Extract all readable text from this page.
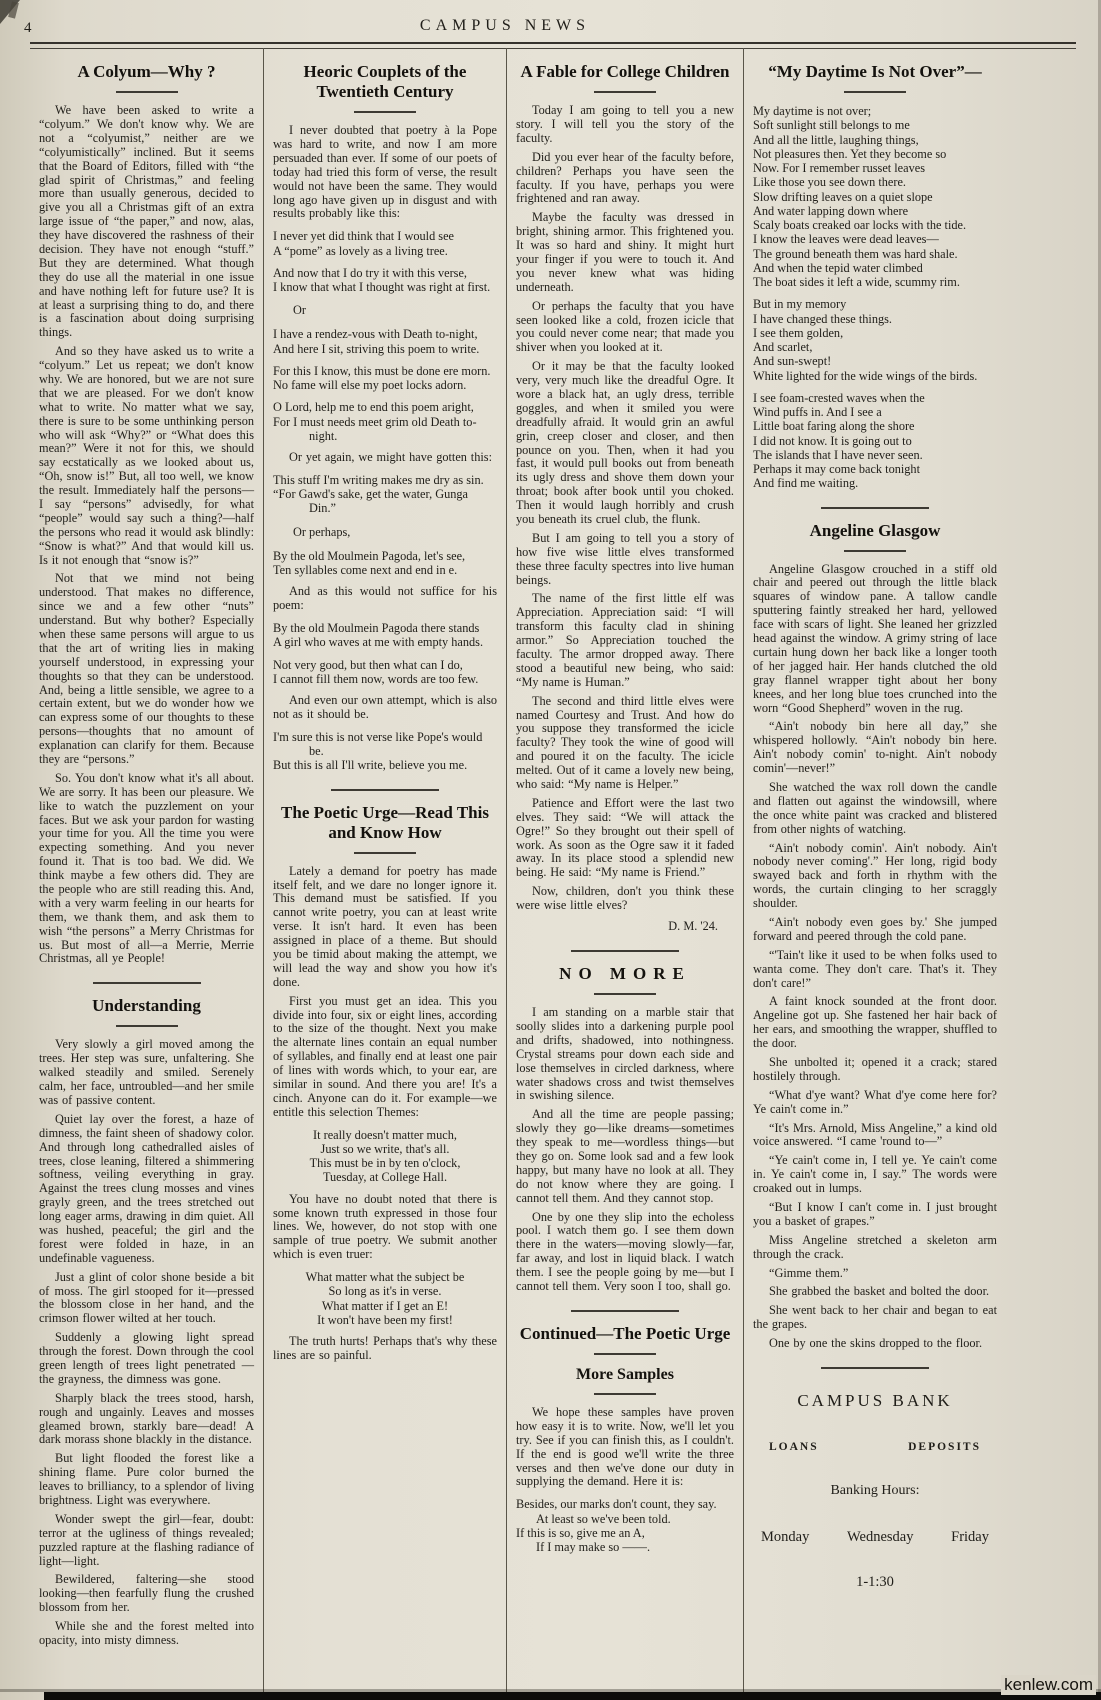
4	CAMPUS NEWS
A Colyum—Why ?

We have been asked to write a “colyum.” We don't know why. We are not a “colyumist,” neither are we “colyumistically” inclined. But it seems that the Board of Editors, filled with “the glad spirit of Christmas,” and feeling more than usually generous, decided to give you all a Christmas gift of an extra large issue of “the paper,” and now, alas, they have discovered the rashness of their decision. They have not enough “stuff.” But they are determined. What though they do use all the material in one issue and have nothing left for future use? It is at least a surprising thing to do, and there is a fascination about doing surprising things.

And so they have asked us to write a “colyum.” Let us repeat; we don't know why. We are honored, but we are not sure that we are pleased. For we don't know what to write. No matter what we say, there is sure to be some unthinking person who will ask “Why?” or “What does this mean?” Were it not for this, we should say ecstatically as we looked about us, “Oh, snow is!” But, all too well, we know the result. Immediately half the persons—I say “persons” advisedly, for what “people” would say such a thing?—half the persons who read it would ask blindly: “Snow is what?” And that would kill us. Is it not enough that “snow is?”

Not that we mind not being understood. That makes no difference, since we and a few other “nuts” understand. But why bother? Especially when these same persons will argue to us that the art of writing lies in making yourself understood, in expressing your thoughts so that they can be understood. And, being a little sensible, we agree to a certain extent, but we do wonder how we can express some of our thoughts to these persons—thoughts that no amount of explanation can clarify for them. Because they are “persons.”

So. You don't know what it's all about. We are sorry. It has been our pleasure. We like to watch the puzzlement on your faces. But we ask your pardon for wasting your time for you. All the time you were expecting something. And you never found it. That is too bad. We did. We think maybe a few others did. They are the people who are still reading this. And, with a very warm feeling in our hearts for them, we thank them, and ask them to wish “the persons” a Merry Christmas for us. But most of all—a Merrie, Merrie Christmas, all ye People!

Understanding

Very slowly a girl moved among the trees. Her step was sure, unfaltering. She walked steadily and smiled. Serenely calm, her face, untroubled—and her smile was of passive content.

Quiet lay over the forest, a haze of dimness, the faint sheen of shadowy color. And through long cathedralled aisles of trees, close leaning, filtered a shimmering softness, veiling everything in gray. Against the trees clung mosses and vines grayly green, and the trees stretched out long eager arms, drawing in dim quiet. All was hushed, peaceful; the girl and the forest were folded in haze, in an undefinable vagueness.

Just a glint of color shone beside a bit of moss. The girl stooped for it—pressed the blossom close in her hand, and the crimson flower wilted at her touch.

Suddenly a glowing light spread through the forest. Down through the cool green length of trees light penetrated —the grayness, the dimness was gone.

Sharply black the trees stood, harsh, rough and ungainly. Leaves and mosses gleamed brown, starkly bare—dead! A dark morass shone blackly in the distance.

But light flooded the forest like a shining flame. Pure color burned the leaves to brilliancy, to a splendor of living brightness. Light was everywhere.

Wonder swept the girl—fear, doubt: terror at the ugliness of things revealed; puzzled rapture at the flashing radiance of light—light.

Bewildered, faltering—she stood looking—then fearfully flung the crushed blossom from her.

While she and the forest melted into opacity, into misty dimness.

Heoric Couplets of the Twentieth Century

I never doubted that poetry à la Pope was hard to write, and now I am more persuaded than ever. If some of our poets of today had tried this form of verse, the result would not have been the same. They would long ago have given up in disgust and with results probably like this:

I never yet did think that I would see
A “pome” as lovely as a living tree.
And now that I do try it with this verse,
I know that what I thought was right at first.
Or
I have a rendez-vous with Death to-night,
And here I sit, striving this poem to write.
For this I know, this must be done ere morn.
No fame will else my poet locks adorn.
O Lord, help me to end this poem aright,
For I must needs meet grim old Death to-night.

Or yet again, we might have gotten this:

This stuff I'm writing makes me dry as sin.
“For Gawd's sake, get the water, Gunga Din.”
Or perhaps,
By the old Moulmein Pagoda, let's see,
Ten syllables come next and end in e.

And as this would not suffice for his poem:

By the old Moulmein Pagoda there stands
A girl who waves at me with empty hands.
Not very good, but then what can I do,
I cannot fill them now, words are too few.

And even our own attempt, which is also not as it should be.

I'm sure this is not verse like Pope's would be.
But this is all I'll write, believe you me.
The Poetic Urge—Read This and Know How

Lately a demand for poetry has made itself felt, and we dare no longer ignore it. This demand must be satisfied. If you cannot write poetry, you can at least write verse. It isn't hard. It even has been assigned in place of a theme. But should you be timid about making the attempt, we will lead the way and show you how it's done.

First you must get an idea. This you divide into four, six or eight lines, according to the size of the thought. Next you make the alternate lines contain an equal number of syllables, and finally end at least one pair of lines with words which, to your ear, are similar in sound. And there you are! It's a cinch. Anyone can do it. For example—we entitle this selection Themes:

It really doesn't matter much,
Just so we write, that's all.
This must be in by ten o'clock,
Tuesday, at College Hall.

You have no doubt noted that there is some known truth expressed in those four lines. We, however, do not stop with one sample of true poetry. We submit another which is even truer:

What matter what the subject be
So long as it's in verse.
What matter if I get an E!
It won't have been my first!

The truth hurts! Perhaps that's why these lines are so painful.

A Fable for College Children

Today I am going to tell you a new story. I will tell you the story of the faculty.

Did you ever hear of the faculty before, children? Perhaps you have seen the faculty. If you have, perhaps you were frightened and ran away.

Maybe the faculty was dressed in bright, shining armor. This frightened you. It was so hard and shiny. It might hurt your finger if you were to touch it. And you never knew what was hiding underneath.

Or perhaps the faculty that you have seen looked like a cold, frozen icicle that you could never come near; that made you shiver when you looked at it.

Or it may be that the faculty looked very, very much like the dreadful Ogre. It wore a black hat, an ugly dress, terrible goggles, and when it smiled you were dreadfully afraid. It would grin an awful grin, creep closer and closer, and then pounce on you. Then, when it had you fast, it would pull books out from beneath its ugly dress and shove them down your throat; book after book until you choked. Then it would laugh horribly and crush you beneath its cruel club, the flunk.

But I am going to tell you a story of how five wise little elves transformed these three faculty spectres into live human beings.

The name of the first little elf was Appreciation. Appreciation said: “I will transform this faculty clad in shining armor.” So Appreciation touched the faculty. The armor dropped away. There stood a beautiful new being, who said: “My name is Human.”

The second and third little elves were named Courtesy and Trust. And how do you suppose they transformed the icicle faculty? They took the wine of good will and poured it on the faculty. The icicle melted. Out of it came a lovely new being, who said: “My name is Helper.”

Patience and Effort were the last two elves. They said: “We will attack the Ogre!” So they brought out their spell of work. As soon as the Ogre saw it it faded away. In its place stood a splendid new being. He said: “My name is Friend.”

Now, children, don't you think these were wise little elves?

D. M. '24.
NO MORE

I am standing on a marble stair that soolly slides into a darkening purple pool and drifts, shadowed, into nothingness. Crystal streams pour down each side and lose themselves in circled darkness, where water shadows cross and twist themselves in swishing silence.

And all the time are people passing; slowly they go—like dreams—sometimes they speak to me—wordless things—but they go on. Some look sad and a few look happy, but many have no look at all. They do not know where they are going. I cannot tell them. And they cannot stop.

One by one they slip into the echoless pool. I watch them go. I see them down there in the waters—moving slowly—far, far away, and lost in liquid black. I watch them. I see the people going by me—but I cannot tell them. Very soon I too, shall go.

Continued—The Poetic Urge
More Samples

We hope these samples have proven how easy it is to write. Now, we'll let you try. See if you can finish this, as I couldn't. If the end is good we'll write the three verses and then we've done our duty in supplying the demand. Here it is:

Besides, our marks don't count, they say.
At least so we've been told.
If this is so, give me an A,
If I may make so ——.
“My Daytime Is Not Over”—
My daytime is not over;
Soft sunlight still belongs to me
And all the little, laughing things,
Not pleasures then. Yet they become so
Now. For I remember russet leaves
Like those you see down there.
Slow drifting leaves on a quiet slope
And water lapping down where
Scaly boats creaked oar locks with the tide.
I know the leaves were dead leaves—
The ground beneath them was hard shale.
And when the tepid water climbed
The boat sides it left a wide, scummy rim.
But in my memory
I have changed these things.
I see them golden,
And scarlet,
And sun-swept!
White lighted for the wide wings of the birds.
I see foam-crested waves when the
Wind puffs in. And I see a
Little boat faring along the shore
I did not know. It is going out to
The islands that I have never seen.
Perhaps it may come back tonight
And find me waiting.
Angeline Glasgow

Angeline Glasgow crouched in a stiff old chair and peered out through the little black squares of window pane. A tallow candle sputtering faintly streaked her hard, yellowed face with scars of light. She leaned her grizzled head against the window. A grimy string of lace curtain hung down her back like a longer tooth of her jagged hair. Her hands clutched the old gray flannel wrapper tight about her bony knees, and her long blue toes crunched into the worn “Good Shepherd” woven in the rug.

“Ain't nobody bin here all day,” she whispered hollowly. “Ain't nobody bin here. Ain't nobody comin' to-night. Ain't nobody comin'—never!”

She watched the wax roll down the candle and flatten out against the windowsill, where the once white paint was cracked and blistered from other nights of watching.

“Ain't nobody comin'. Ain't nobody. Ain't nobody never coming'.” Her long, rigid body swayed back and forth in rhythm with the words, the curtain clinging to her scraggly shoulder.

“Ain't nobody even goes by.' She jumped forward and peered through the cold pane.

“'Tain't like it used to be when folks used to wanta come. They don't care. That's it. They don't care!”

A faint knock sounded at the front door. Angeline got up. She fastened her hair back of her ears, and smoothing the wrapper, shuffled to the door.

She unbolted it; opened it a crack; stared hostilely through.

“What d'ye want? What d'ye come here for? Ye cain't come in.”

“It's Mrs. Arnold, Miss Angeline,” a kind old voice answered. “I came 'round to—”

“Ye cain't come in, I tell ye. Ye cain't come in. Ye cain't come in, I say.” The words were croaked out in lumps.

“But I know I can't come in. I just brought you a basket of grapes.”

Miss Angeline stretched a skeleton arm through the crack.

“Gimme them.”

She grabbed the basket and bolted the door.

She went back to her chair and began to eat the grapes.

One by one the skins dropped to the floor.

CAMPUS BANK
LOANS	DEPOSITS
Banking Hours:
Monday	Wednesday	Friday
1-1:30
kenlew.com
